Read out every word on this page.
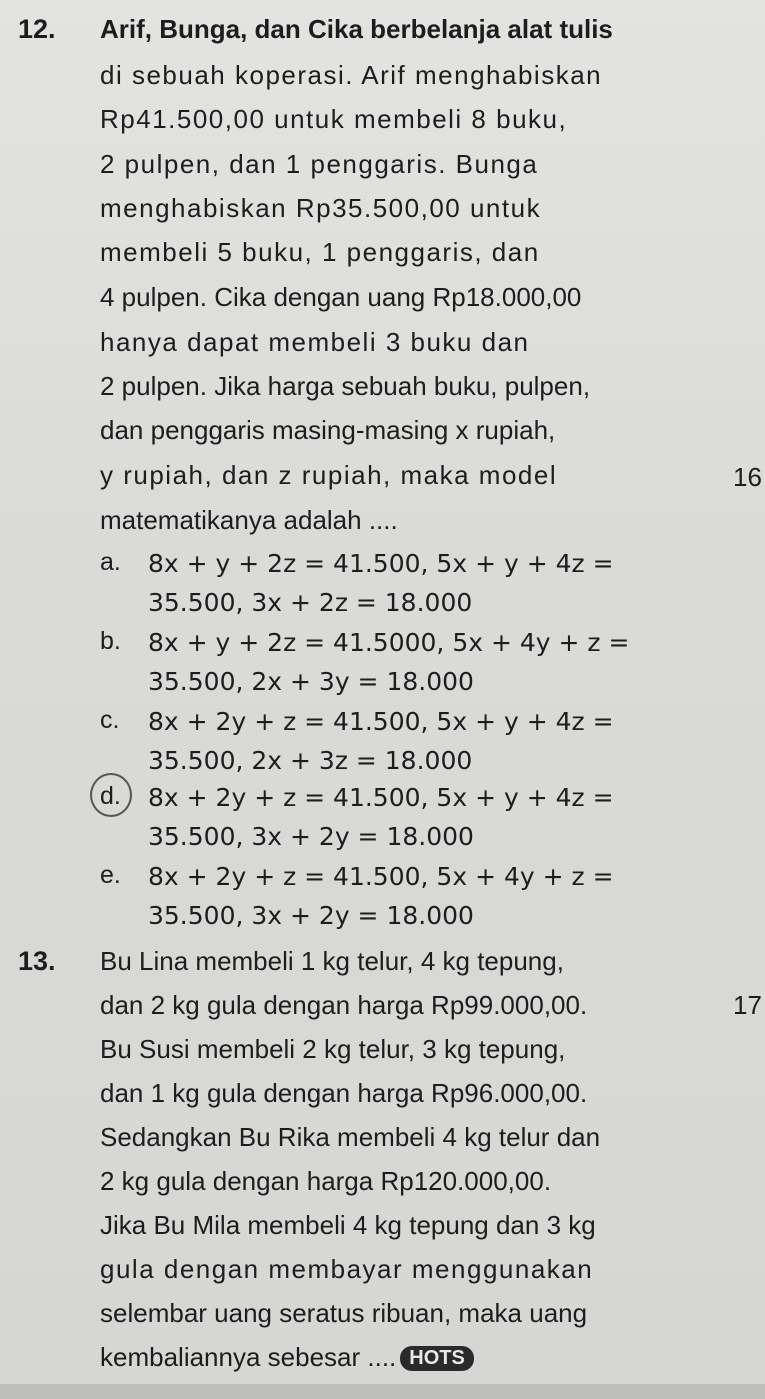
12. Arif, Bunga, dan Cika berbelanja alat tulis
di sebuah koperasi. Arif menghabiskan
Rp41.500,00 untuk membeli 8 buku,
2 pulpen, dan 1 penggaris. Bunga
menghabiskan Rp35.500,00 untuk
membeli 5 buku, 1 penggaris, dan
4 pulpen. Cika dengan uang Rp18.000,00
hanya dapat membeli 3 buku dan
2 pulpen. Jika harga sebuah buku, pulpen,
dan penggaris masing-masing x rupiah,
y rupiah, dan z rupiah, maka model
matematikanya adalah ....
16
a. 8x + y + 2z = 41.500, 5x + y + 4z =
35.500, 3x + 2z = 18.000
b. 8x + y + 2z = 41.5000, 5x + 4y + z =
35.500, 2x + 3y = 18.000
c. 8x + 2y + z = 41.500, 5x + y + 4z =
35.500, 2x + 3z = 18.000
d. 8x + 2y + z = 41.500, 5x + y + 4z =
35.500, 3x + 2y = 18.000
e. 8x + 2y + z = 41.500, 5x + 4y + z =
35.500, 3x + 2y = 18.000
13. Bu Lina membeli 1 kg telur, 4 kg tepung,
dan 2 kg gula dengan harga Rp99.000,00.
Bu Susi membeli 2 kg telur, 3 kg tepung,
dan 1 kg gula dengan harga Rp96.000,00.
Sedangkan Bu Rika membeli 4 kg telur dan
2 kg gula dengan harga Rp120.000,00.
Jika Bu Mila membeli 4 kg tepung dan 3 kg
gula dengan membayar menggunakan
selembar uang seratus ribuan, maka uang
kembaliannya sebesar .... HOTS
17
